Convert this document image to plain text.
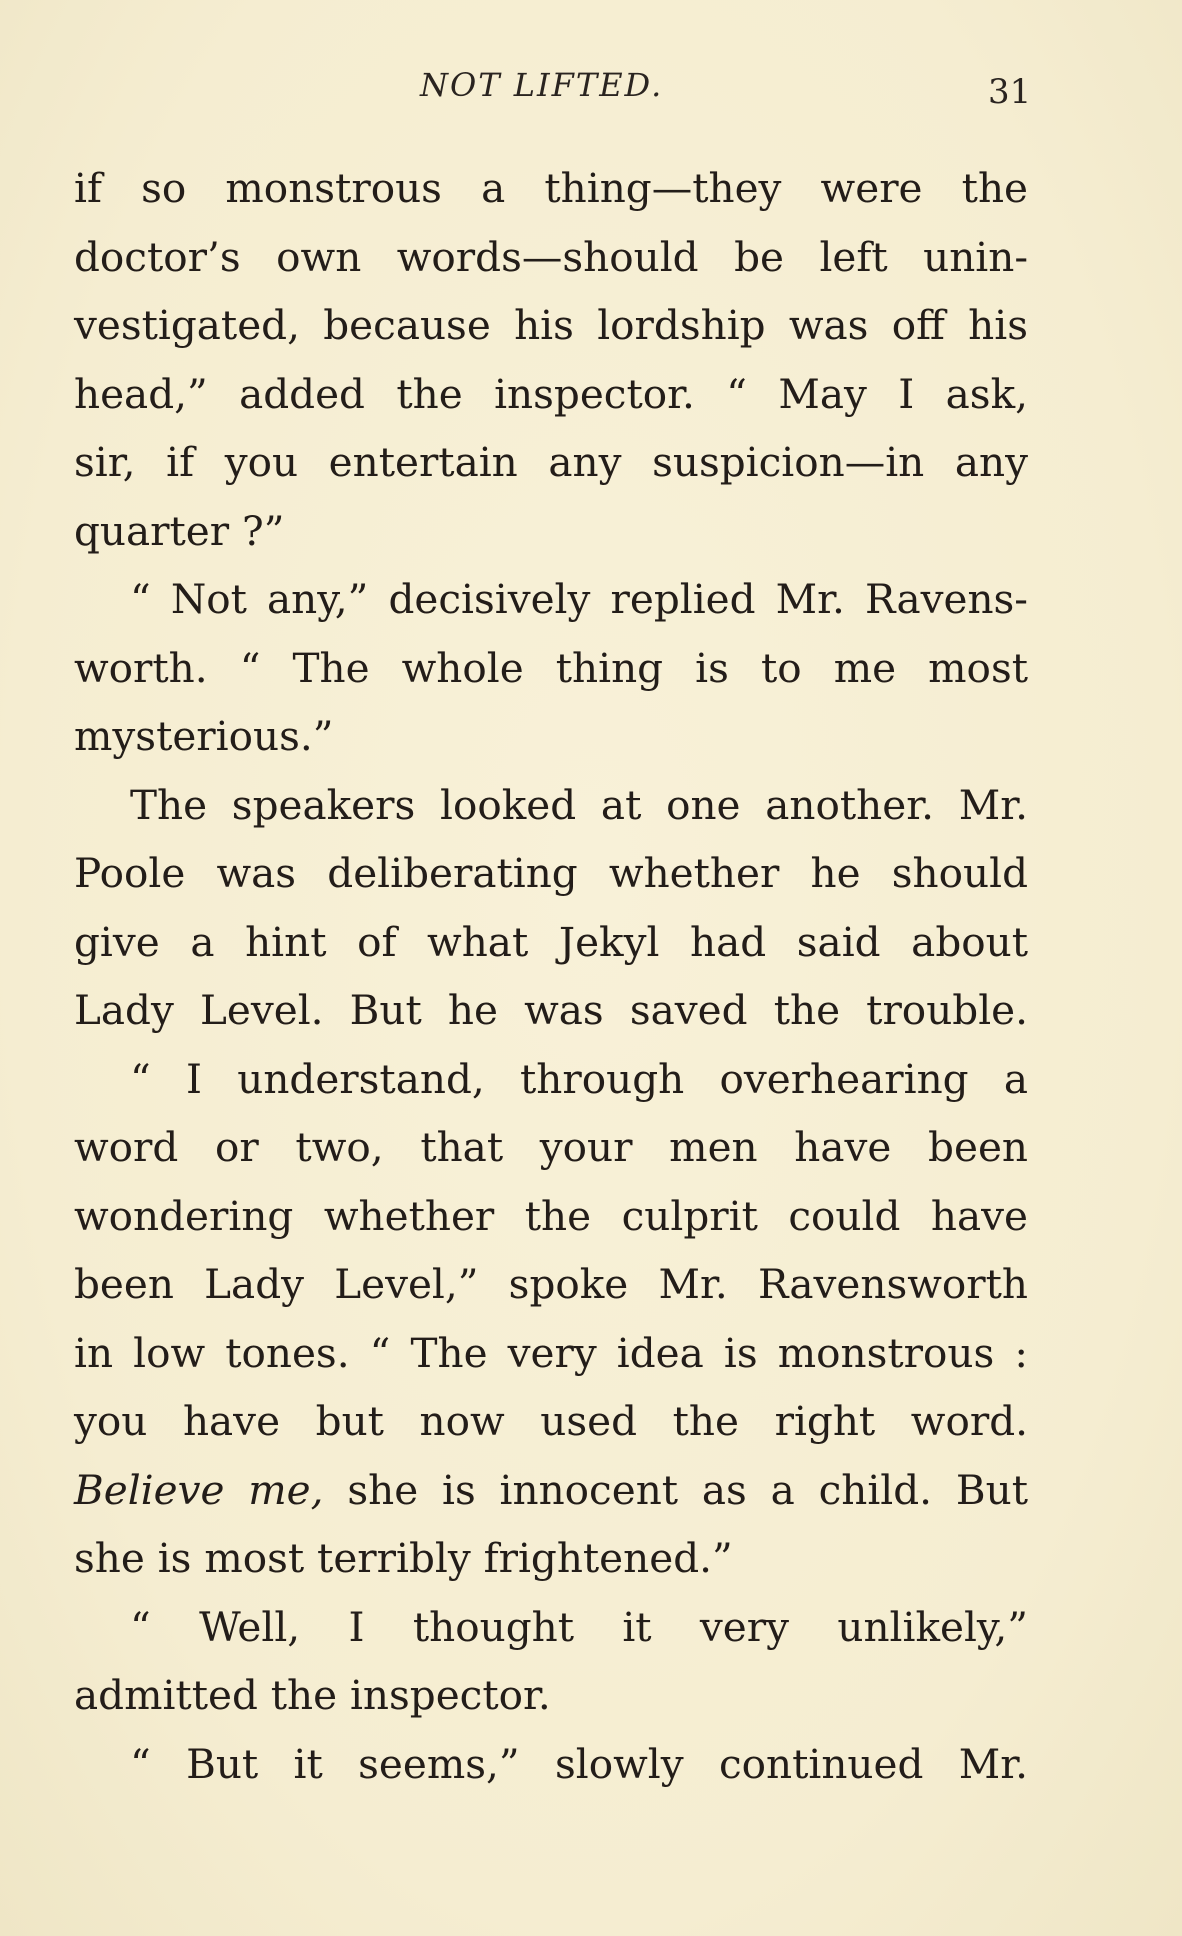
NOT LIFTED.	31
if so monstrous a thing—they were the
doctor’s own words—should be left unin-
vestigated, because his lordship was off his
head,” added the inspector. “ May I ask,
sir, if you entertain any suspicion—in any
quarter ?”
“ Not any,” decisively replied Mr. Ravens-
worth. “ The whole thing is to me most
mysterious.”
The speakers looked at one another. Mr.
Poole was deliberating whether he should
give a hint of what Jekyl had said about
Lady Level. But he was saved the trouble.
“ I understand, through overhearing a
word or two, that your men have been
wondering whether the culprit could have
been Lady Level,” spoke Mr. Ravensworth
in low tones. “ The very idea is monstrous :
you have but now used the right word.
Believe me, she is innocent as a child. But
she is most terribly frightened.”
“ Well, I thought it very unlikely,”
admitted the inspector.
“ But it seems,” slowly continued Mr.
